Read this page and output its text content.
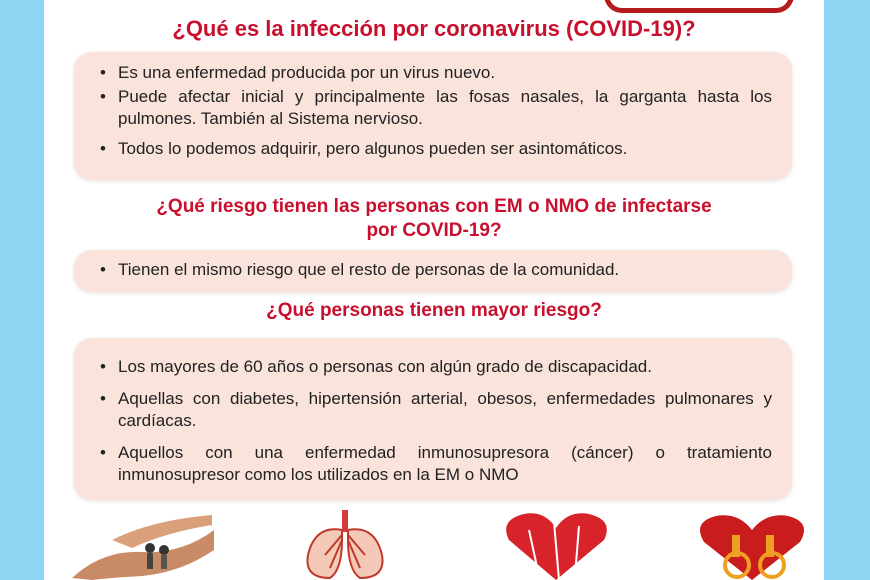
¿Qué es la infección por coronavirus (COVID-19)?
• Es una enfermedad producida por un virus nuevo.
• Puede afectar inicial y principalmente las fosas nasales, la garganta hasta los pulmones. También al Sistema nervioso.
• Todos lo podemos adquirir, pero algunos pueden ser asintomáticos.
¿Qué riesgo tienen las personas con EM o NMO de infectarse por COVID-19?
• Tienen el mismo riesgo que el resto de personas de la comunidad.
¿Qué personas tienen mayor riesgo?
• Los mayores de 60 años o personas con algún grado de discapacidad.
• Aquellas con diabetes, hipertensión arterial, obesos, enfermedades pulmonares y cardíacas.
• Aquellos con una enfermedad inmunosupresora (cáncer) o tratamiento inmunosupresor como los utilizados en la EM o NMO
